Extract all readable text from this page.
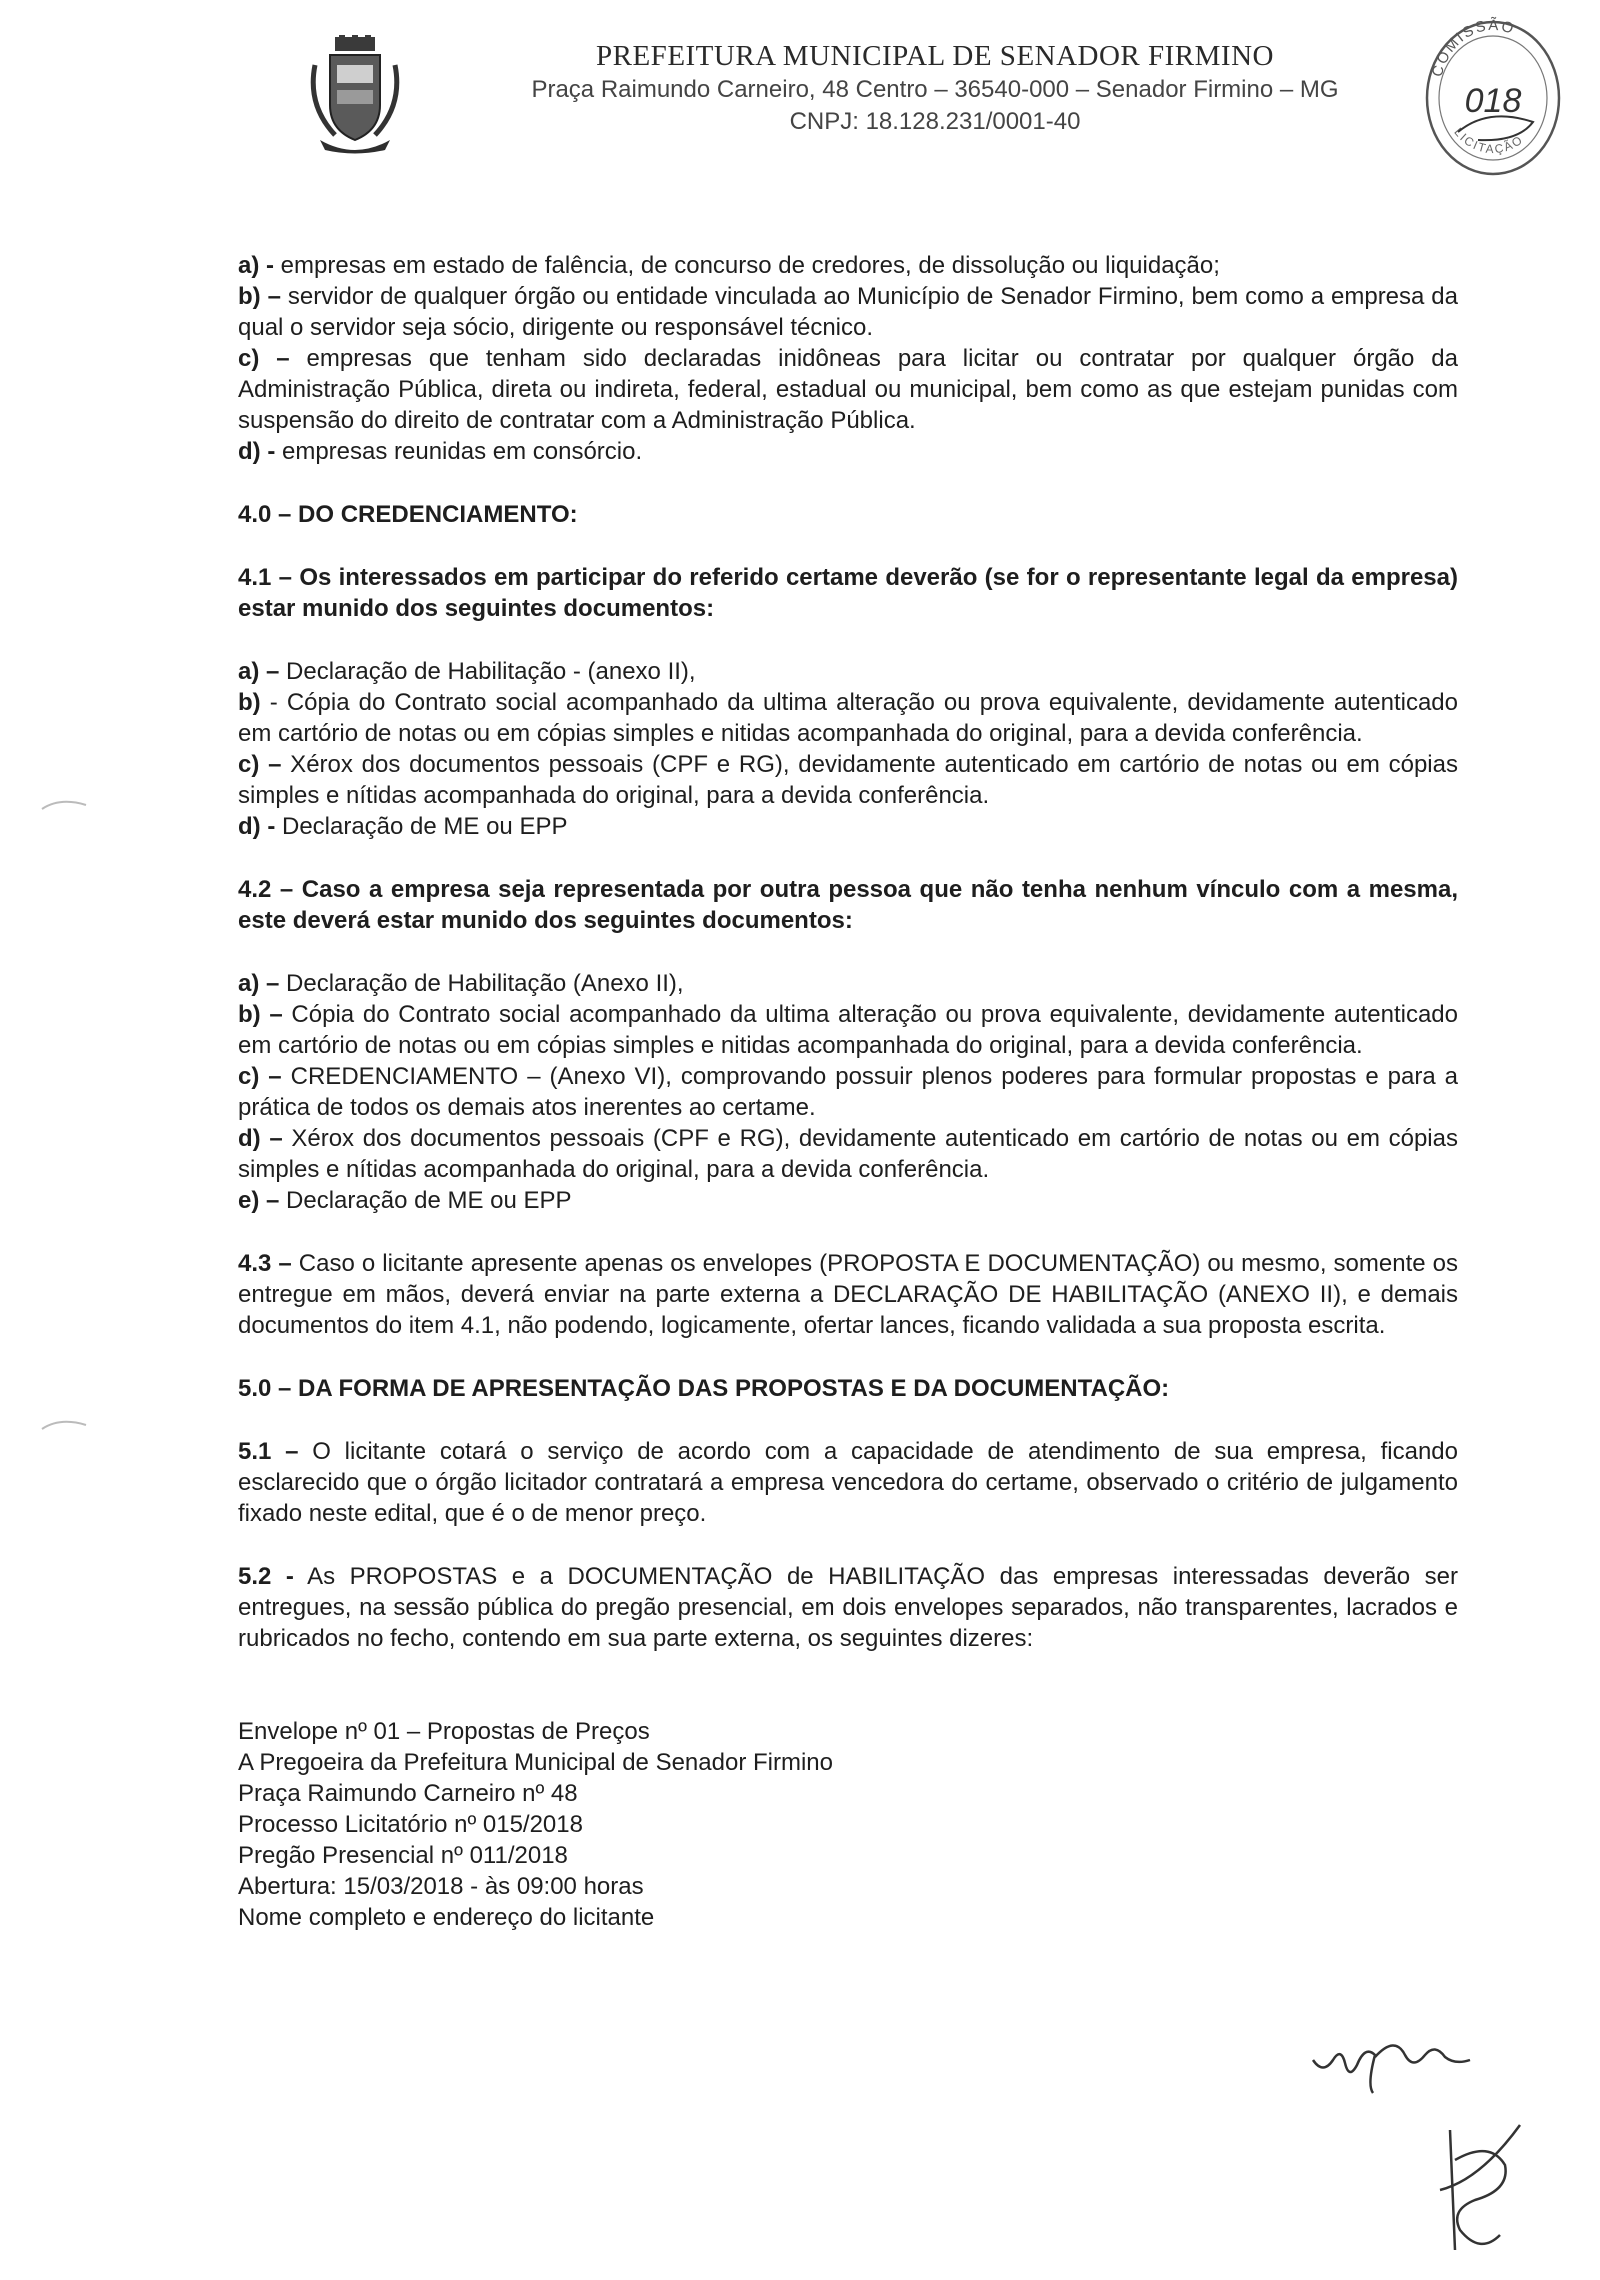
PREFEITURA MUNICIPAL DE SENADOR FIRMINO
Praça Raimundo Carneiro, 48 Centro – 36540-000 – Senador Firmino – MG
CNPJ: 18.128.231/0001-40
COMISSÃO
LICITAÇÃO
018

a) - empresas em estado de falência, de concurso de credores, de dissolução ou liquidação;

b) – servidor de qualquer órgão ou entidade vinculada ao Município de Senador Firmino, bem como a empresa da qual o servidor seja sócio, dirigente ou responsável técnico.

c) – empresas que tenham sido declaradas inidôneas para licitar ou contratar por qualquer órgão da Administração Pública, direta ou indireta, federal, estadual ou municipal, bem como as que estejam punidas com suspensão do direito de contratar com a Administração Pública.

d) - empresas reunidas em consórcio.

4.0 – DO CREDENCIAMENTO:

4.1 – Os interessados em participar do referido certame deverão (se for o representante legal da empresa) estar munido dos seguintes documentos:

a) – Declaração de Habilitação - (anexo II),

b) - Cópia do Contrato social acompanhado da ultima alteração ou prova equivalente, devidamente autenticado em cartório de notas ou em cópias simples e nitidas acompanhada do original, para a devida conferência.

c) – Xérox dos documentos pessoais (CPF e RG), devidamente autenticado em cartório de notas ou em cópias simples e nítidas acompanhada do original, para a devida conferência.

d) - Declaração de ME ou EPP

4.2 – Caso a empresa seja representada por outra pessoa que não tenha nenhum vínculo com a mesma, este deverá estar munido dos seguintes documentos:

a) – Declaração de Habilitação (Anexo II),

b) – Cópia do Contrato social acompanhado da ultima alteração ou prova equivalente, devidamente autenticado em cartório de notas ou em cópias simples e nitidas acompanhada do original, para a devida conferência.

c) – CREDENCIAMENTO – (Anexo VI), comprovando possuir plenos poderes para formular propostas e para a prática de todos os demais atos inerentes ao certame.

d) – Xérox dos documentos pessoais (CPF e RG), devidamente autenticado em cartório de notas ou em cópias simples e nítidas acompanhada do original, para a devida conferência.

e) – Declaração de ME ou EPP

4.3 – Caso o licitante apresente apenas os envelopes (PROPOSTA E DOCUMENTAÇÃO) ou mesmo, somente os entregue em mãos, deverá enviar na parte externa a DECLARAÇÃO DE HABILITAÇÃO (ANEXO II), e demais documentos do item 4.1, não podendo, logicamente, ofertar lances, ficando validada a sua proposta escrita.

5.0 – DA FORMA DE APRESENTAÇÃO DAS PROPOSTAS E DA DOCUMENTAÇÃO:

5.1 – O licitante cotará o serviço de acordo com a capacidade de atendimento de sua empresa, ficando esclarecido que o órgão licitador contratará a empresa vencedora do certame, observado o critério de julgamento fixado neste edital, que é o de menor preço.

5.2 - As PROPOSTAS e a DOCUMENTAÇÃO de HABILITAÇÃO das empresas interessadas deverão ser entregues, na sessão pública do pregão presencial, em dois envelopes separados, não transparentes, lacrados e rubricados no fecho, contendo em sua parte externa, os seguintes dizeres:

Envelope nº 01 – Propostas de Preços

A Pregoeira da Prefeitura Municipal de Senador Firmino

Praça Raimundo Carneiro nº 48

Processo Licitatório nº 015/2018

Pregão Presencial nº 011/2018

Abertura: 15/03/2018 - às 09:00 horas

Nome completo e endereço do licitante
